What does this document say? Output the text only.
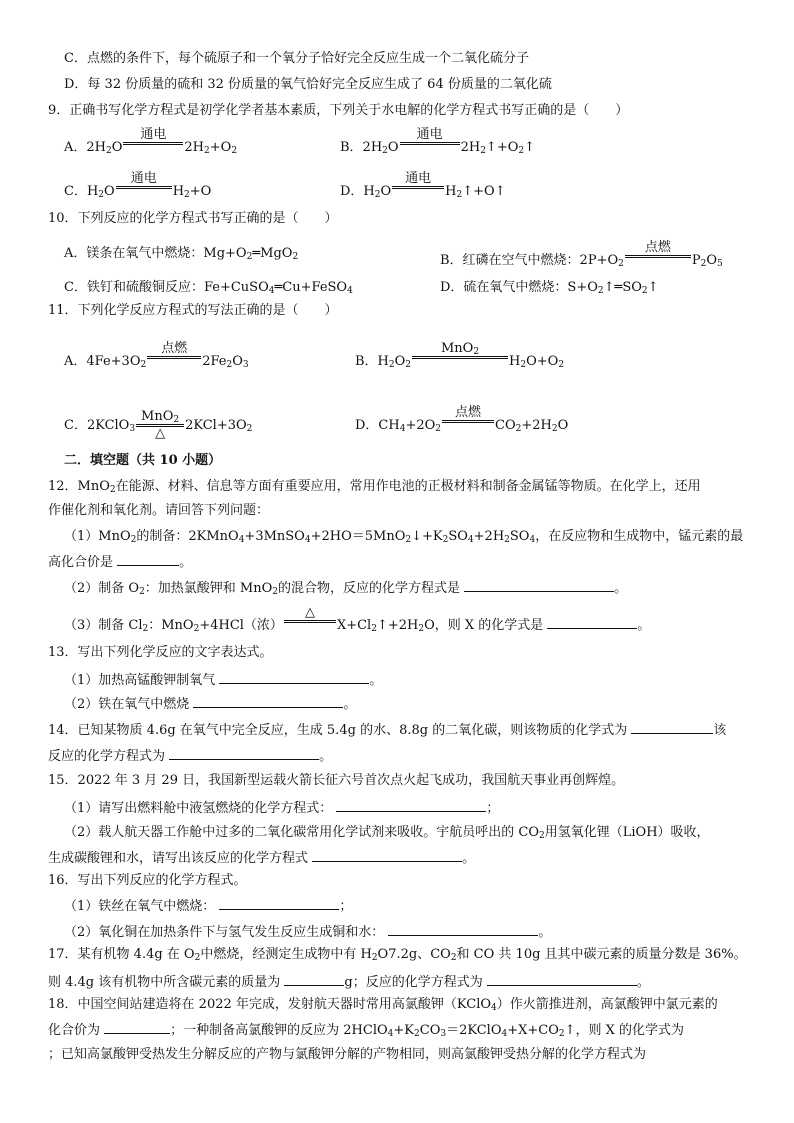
C．点燃的条件下，每个硫原子和一个氧分子恰好完全反应生成一个二氧化硫分子
D．每 32 份质量的硫和 32 份质量的氧气恰好完全反应生成了 64 份质量的二氧化硫
9．正确书写化学方程式是初学化学者基本素质，下列关于水电解的化学方程式书写正确的是（　　）
A．$2H_2O$
通电
$2H_2+O_2$	B．$2H_2O$
通电
$2H_2↑+O_2↑$
C．$H_2O$
通电
$H_2+O$	D．$H_2O$
通电
$H_2↑+O↑$
10．下列反应的化学方程式书写正确的是（　　）
A．镁条在氧气中燃烧：$Mg+O_2═MgO_2$	B．红磷在空气中燃烧：$2P+O_2$
点燃
$P_2O_5$
C．铁钉和硫酸铜反应：Fe+CuSO$_4$═Cu+FeSO$_4$	D．硫在氧气中燃烧：$S+O_2↑═SO_2↑$
11．下列化学反应方程式的写法正确的是（　　）
A．$4Fe+3O_2$
点燃
$2Fe_2O_3$	B．$H_2O_2$
MnO$_2$
$H_2O+O_2$
C．2KClO$_3$
MnO$_2$
△
$2KCl+3O_2$	D．$CH_4+2O_2$
点燃
$CO_2+2H_2O$
二．填空题（共 10 小题）
12．MnO$_2$在能源、材料、信息等方面有重要应用，常用作电池的正极材料和制备金属锰等物质。在化学上，还用
作催化剂和氧化剂。请回答下列问题：
（1）MnO$_2$的制备：$2KMnO_4+3MnSO_4+2HO=5MnO_2↓+K_2SO_4+2H_2SO_4$，在反应物和生成物中，锰元素的最
高化合价是	。
（2）制备 $O_2$：加热氯酸钾和 MnO$_2$的混合物，反应的化学方程式是	。
（3）制备 $Cl_2$：MnO$_2$+4HCl（浓）
△
$X+Cl_2↑+2H_2O$，则 X 的化学式是	。
13．写出下列化学反应的文字表达式。
（1）加热高锰酸钾制氧气	。
（2）铁在氧气中燃烧	。
14．已知某物质 4.6g 在氧气中完全反应，生成 5.4g 的水、8.8g 的二氧化碳，则该物质的化学式为	该
反应的化学方程式为	。
15．2022 年 3 月 29 日，我国新型运载火箭长征六号首次点火起飞成功，我国航天事业再创辉煌。
（1）请写出燃料舱中液氢燃烧的化学方程式：	；
（2）载人航天器工作舱中过多的二氧化碳常用化学试剂来吸收。宇航员呼出的 $CO_2$用氢氧化锂（LiOH）吸收，
生成碳酸锂和水，请写出该反应的化学方程式	。
16．写出下列反应的化学方程式。
（1）铁丝在氧气中燃烧：	；
（2）氧化铜在加热条件下与氢气发生反应生成铜和水：	。
17．某有机物 4.4g 在 $O_2$中燃烧，经测定生成物中有 $H_2O7.2g$、$CO_2$和 CO 共 10g 且其中碳元素的质量分数是 36%。
则 4.4g 该有机物中所含碳元素的质量为	g；反应的化学方程式为	。
18．中国空间站建造将在 2022 年完成，发射航天器时常用高氯酸钾（KClO$_4$）作火箭推进剂，高氯酸钾中氯元素的
化合价为	；一种制备高氯酸钾的反应为 $2HClO_4+K_2CO_3=2KClO_4+X+CO_2↑$，则 X 的化学式为
；已知高氯酸钾受热发生分解反应的产物与氯酸钾分解的产物相同，则高氯酸钾受热分解的化学方程式为
